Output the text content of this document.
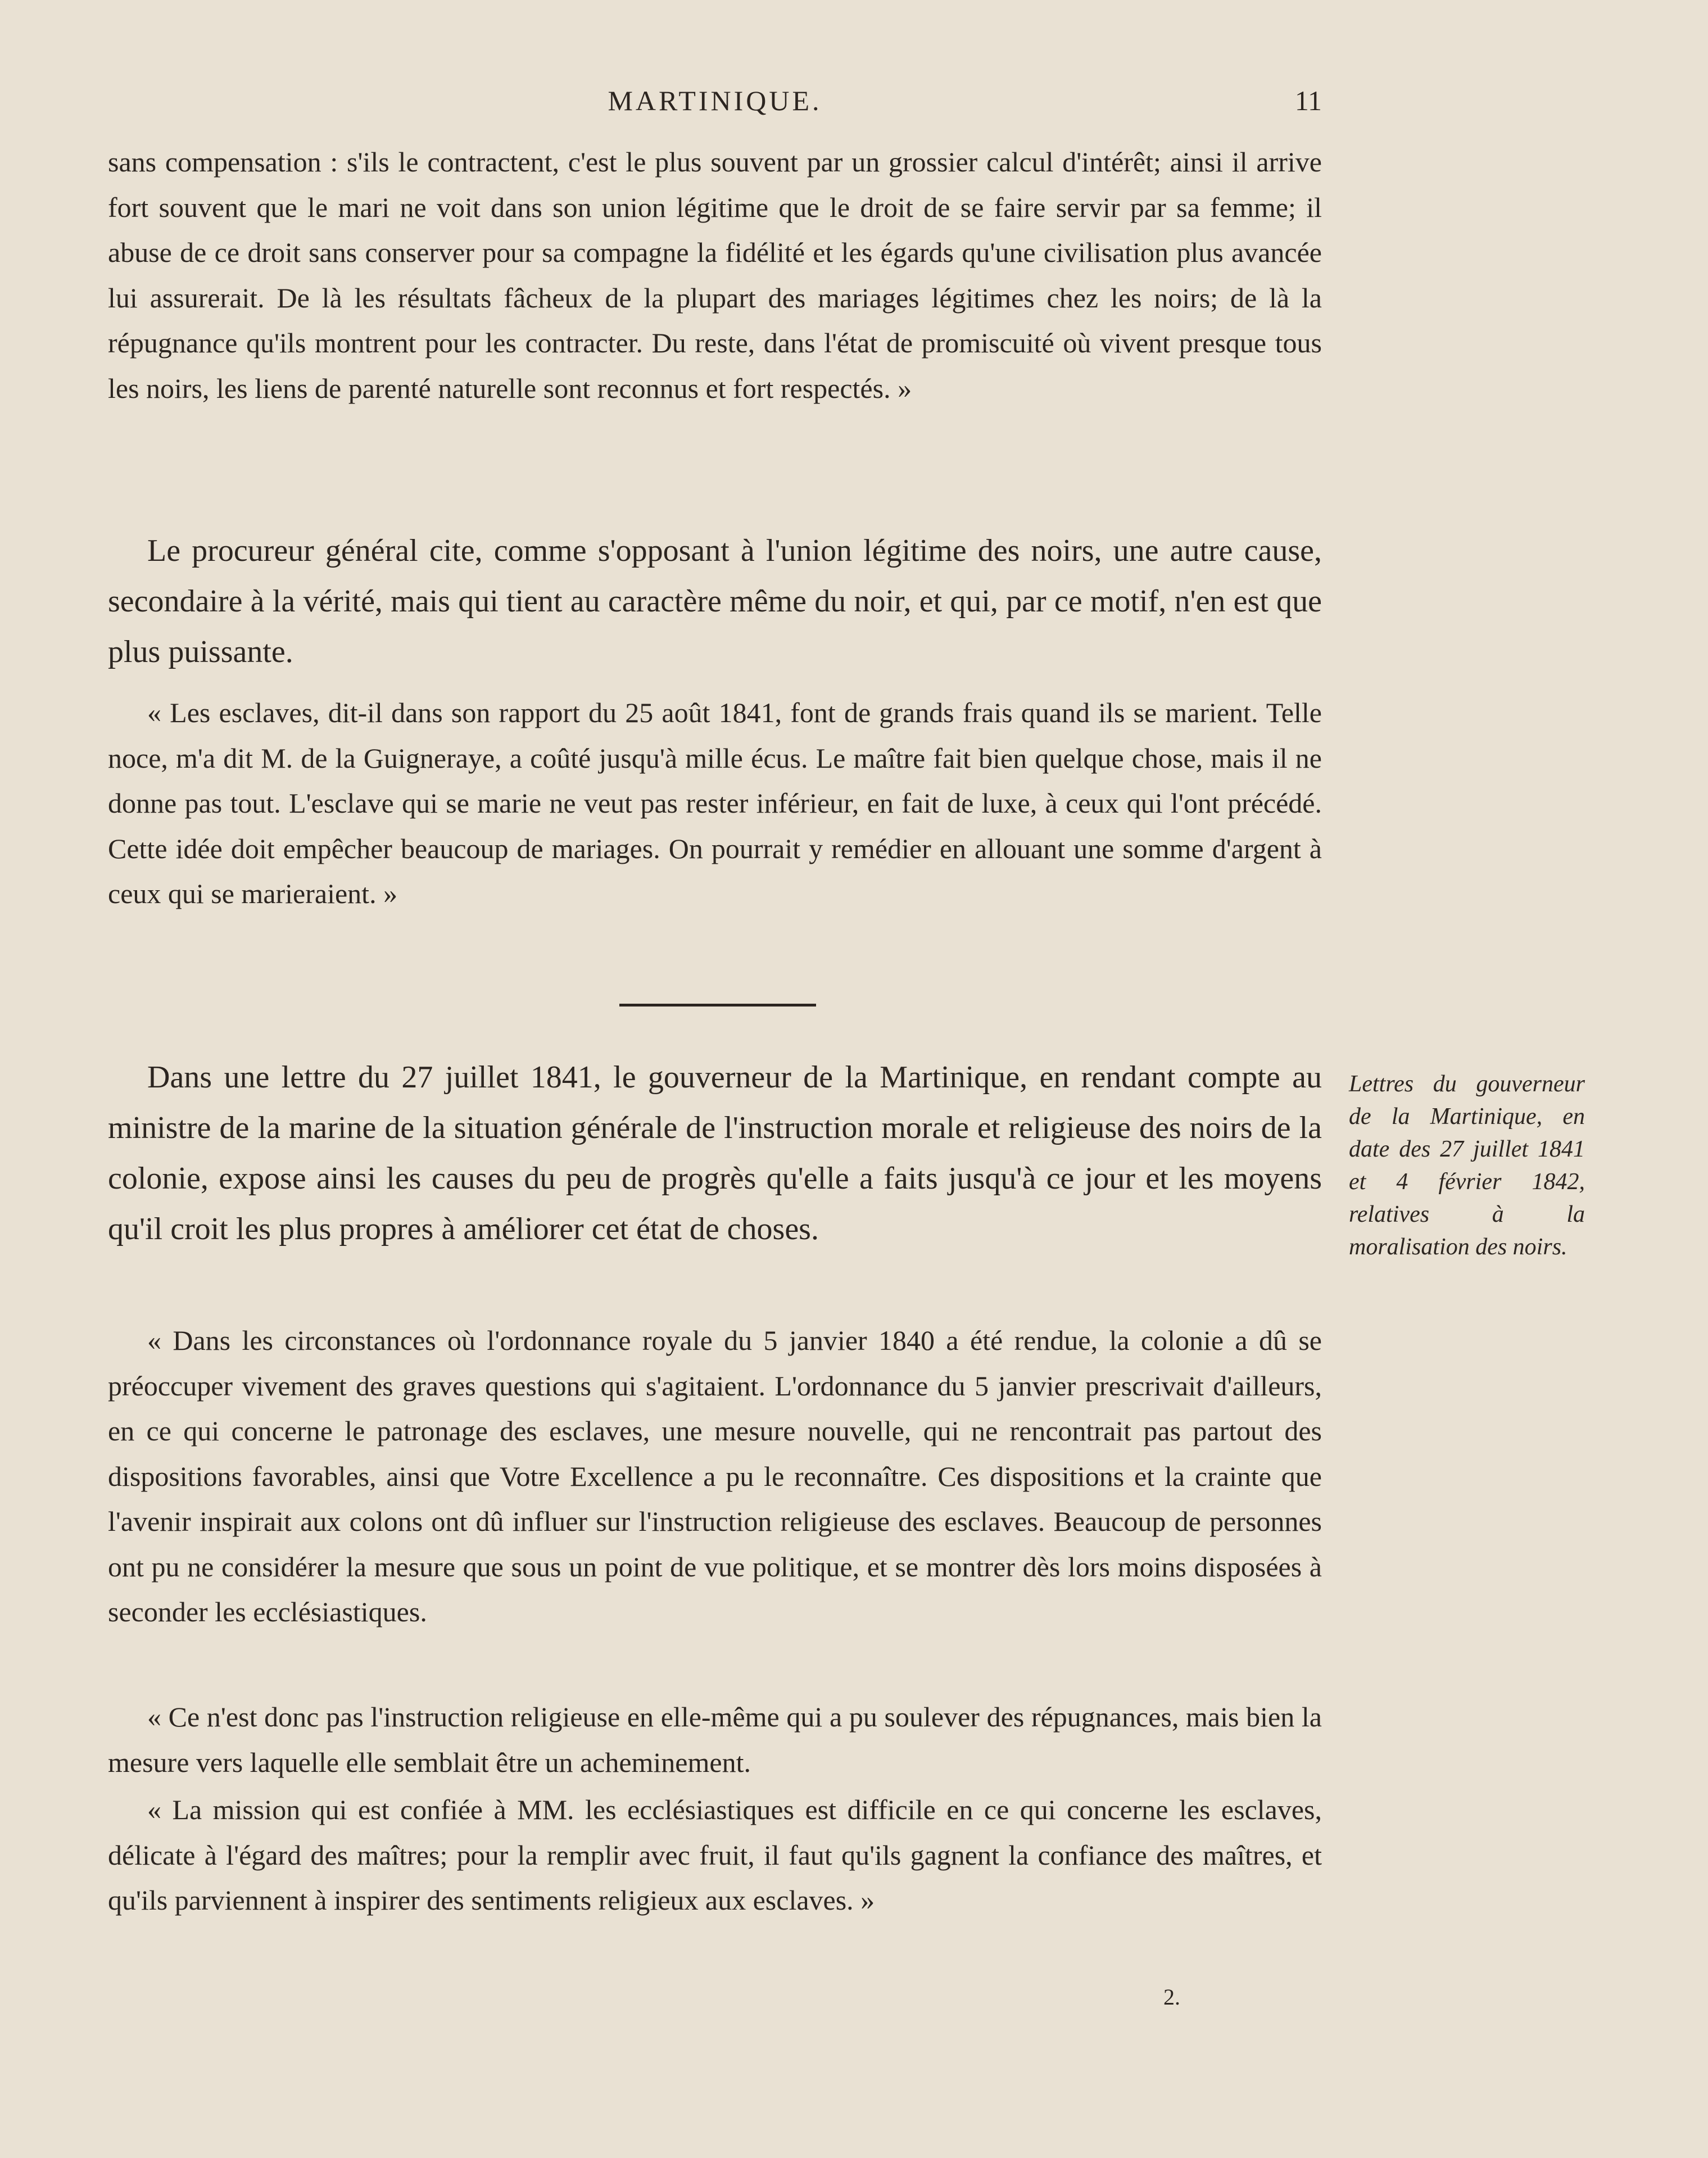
MARTINIQUE.	11

sans compensation : s'ils le contractent, c'est le plus souvent par un grossier calcul d'intérêt; ainsi il arrive fort souvent que le mari ne voit dans son union légitime que le droit de se faire servir par sa femme; il abuse de ce droit sans conserver pour sa compagne la fidélité et les égards qu'une civilisation plus avancée lui assurerait. De là les résultats fâcheux de la plupart des mariages légitimes chez les noirs; de là la répugnance qu'ils montrent pour les contracter. Du reste, dans l'état de promiscuité où vivent presque tous les noirs, les liens de parenté naturelle sont reconnus et fort respectés. »

Le procureur général cite, comme s'opposant à l'union légitime des noirs, une autre cause, secondaire à la vérité, mais qui tient au caractère même du noir, et qui, par ce motif, n'en est que plus puissante.

« Les esclaves, dit-il dans son rapport du 25 août 1841, font de grands frais quand ils se marient. Telle noce, m'a dit M. de la Guigneraye, a coûté jusqu'à mille écus. Le maître fait bien quelque chose, mais il ne donne pas tout. L'esclave qui se marie ne veut pas rester inférieur, en fait de luxe, à ceux qui l'ont précédé. Cette idée doit empêcher beaucoup de mariages. On pourrait y remédier en allouant une somme d'argent à ceux qui se marieraient. »

Dans une lettre du 27 juillet 1841, le gouverneur de la Martinique, en rendant compte au ministre de la marine de la situation générale de l'instruction morale et religieuse des noirs de la colonie, expose ainsi les causes du peu de progrès qu'elle a faits jusqu'à ce jour et les moyens qu'il croit les plus propres à améliorer cet état de choses.

« Dans les circonstances où l'ordonnance royale du 5 janvier 1840 a été rendue, la colonie a dû se préoccuper vivement des graves questions qui s'agitaient. L'ordonnance du 5 janvier prescrivait d'ailleurs, en ce qui concerne le patronage des esclaves, une mesure nouvelle, qui ne rencontrait pas partout des dispositions favorables, ainsi que Votre Excellence a pu le reconnaître. Ces dispositions et la crainte que l'avenir inspirait aux colons ont dû influer sur l'instruction religieuse des esclaves. Beaucoup de personnes ont pu ne considérer la mesure que sous un point de vue politique, et se montrer dès lors moins disposées à seconder les ecclésiastiques.

« Ce n'est donc pas l'instruction religieuse en elle-même qui a pu soulever des répugnances, mais bien la mesure vers laquelle elle semblait être un acheminement.

« La mission qui est confiée à MM. les ecclésiastiques est difficile en ce qui concerne les esclaves, délicate à l'égard des maîtres; pour la remplir avec fruit, il faut qu'ils gagnent la confiance des maîtres, et qu'ils parviennent à inspirer des sentiments religieux aux esclaves. »

Lettres du gouverneur de la Martinique, en date des 27 juillet 1841 et 4 février 1842, relatives à la moralisation des noirs.

2.
